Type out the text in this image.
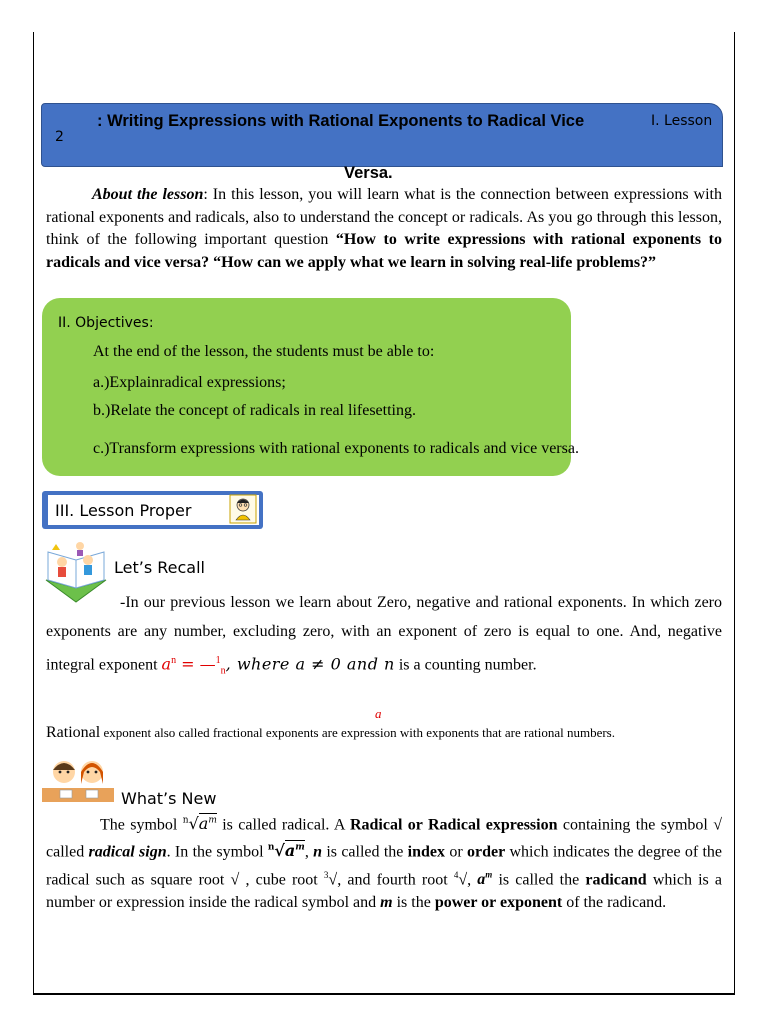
: Writing Expressions with Rational Exponents to Radical Vice	I. Lesson
2
Versa.
About the lesson: In this lesson, you will learn what is the connection between expressions with rational exponents and radicals, also to understand the concept or radicals. As you go through this lesson, think of the following important question “How to write expressions with rational exponents to radicals and vice versa? “How can we apply what we learn in solving real-life problems?”
II. Objectives:
At the end of the lesson, the students must be able to:
a.)Explainradical expressions;
b.)Relate the concept of radicals in real lifesetting.
c.)Transform expressions with rational exponents to radicals and vice versa.
III. Lesson Proper
Let’s Recall
-In our previous lesson we learn about Zero, negative and rational exponents. In which zero exponents are any number, excluding zero, with an exponent of zero is equal to one. And, negative integral exponent $a^n$ = —$^1_n$, where a ≠ 0 and n is a counting number.
a
Rational exponent also called fractional exponents are expression with exponents that are rational numbers.
What’s New
The symbol $^n√a^m$ is called radical. A Radical or Radical expression containing the symbol √ called radical sign. In the symbol $^n√a^m$, n is called the index or order which indicates the degree of the radical such as square root √ , cube root $^3$√, and fourth root $^4$√, $a^m$ is called the radicand which is a number or expression inside the radical symbol and m is the power or exponent of the radicand.
